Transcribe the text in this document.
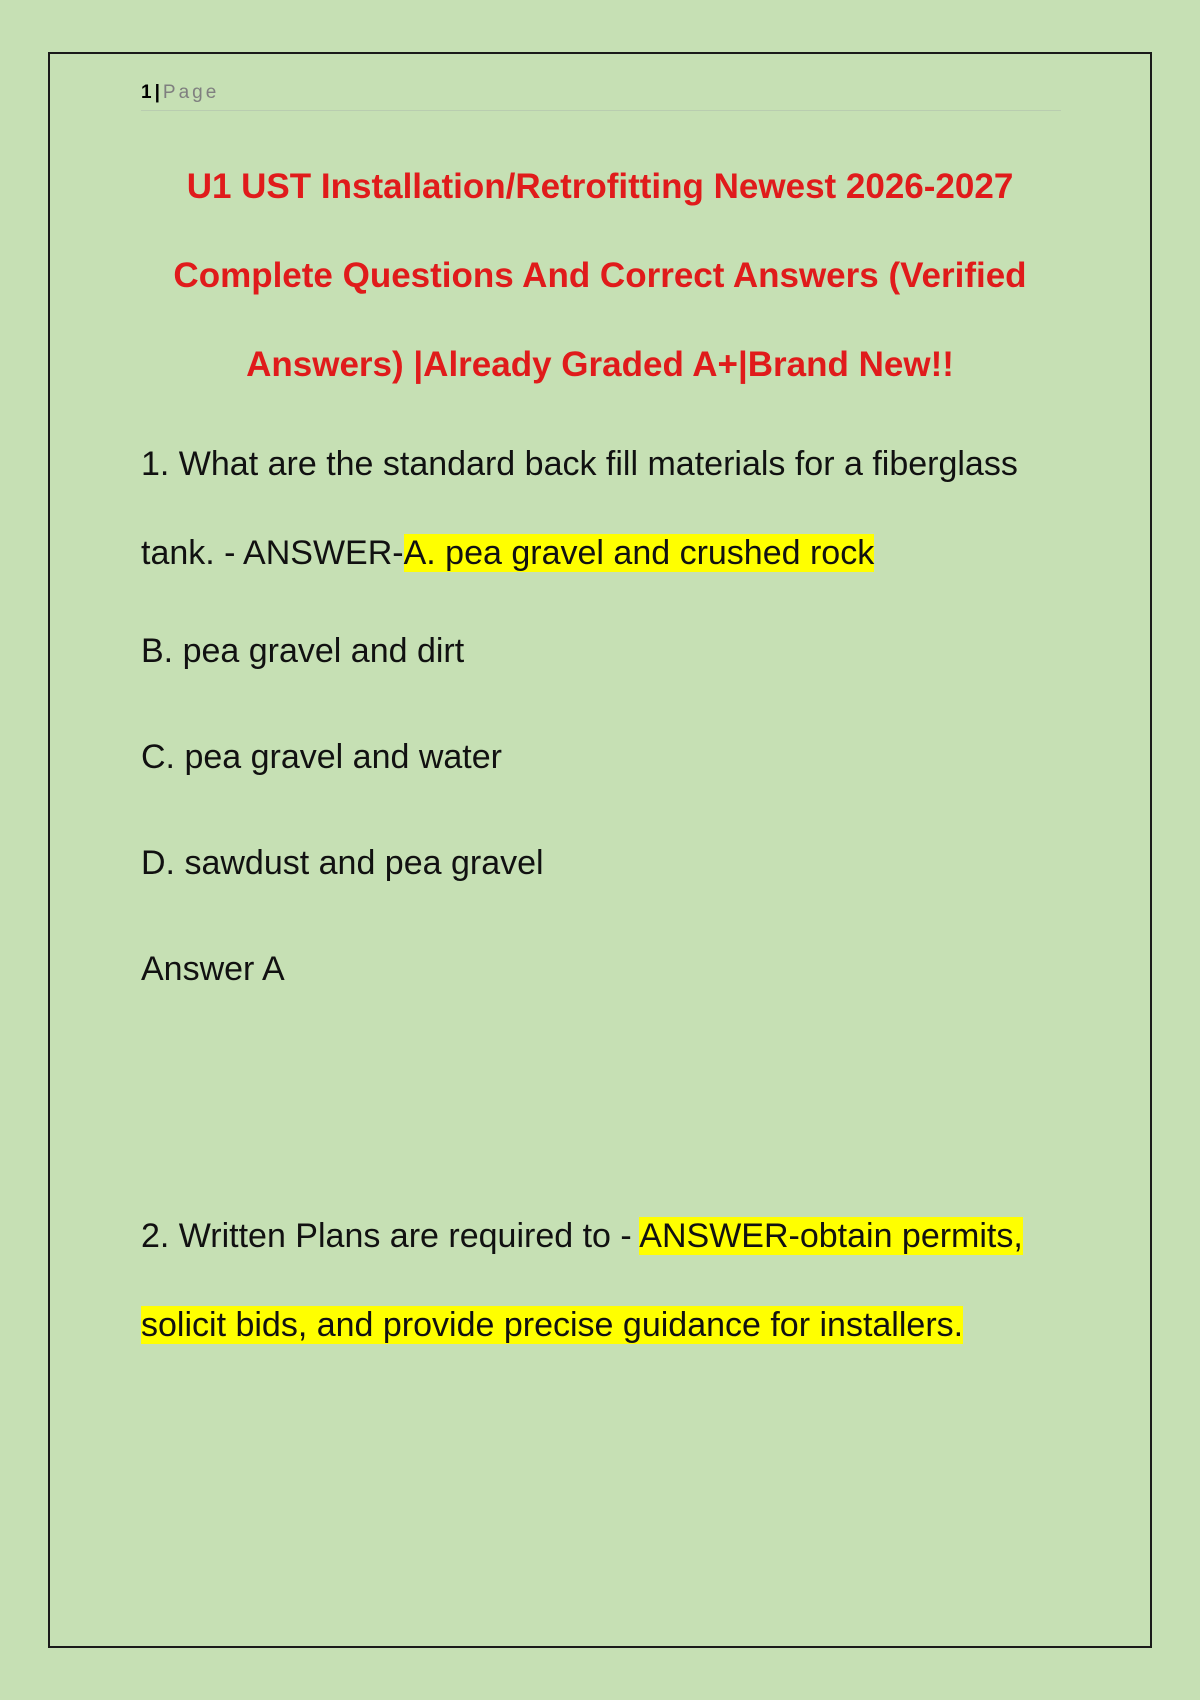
1 | Page
U1 UST Installation/Retrofitting Newest 2026-2027
Complete Questions And Correct Answers (Verified
Answers) |Already Graded A+|Brand New!!
1. What are the standard back fill materials for a fiberglass
tank. - ANSWER-A. pea gravel and crushed rock
B. pea gravel and dirt
C. pea gravel and water
D. sawdust and pea gravel
Answer A
2. Written Plans are required to - ANSWER-obtain permits,
solicit bids, and provide precise guidance for installers.
